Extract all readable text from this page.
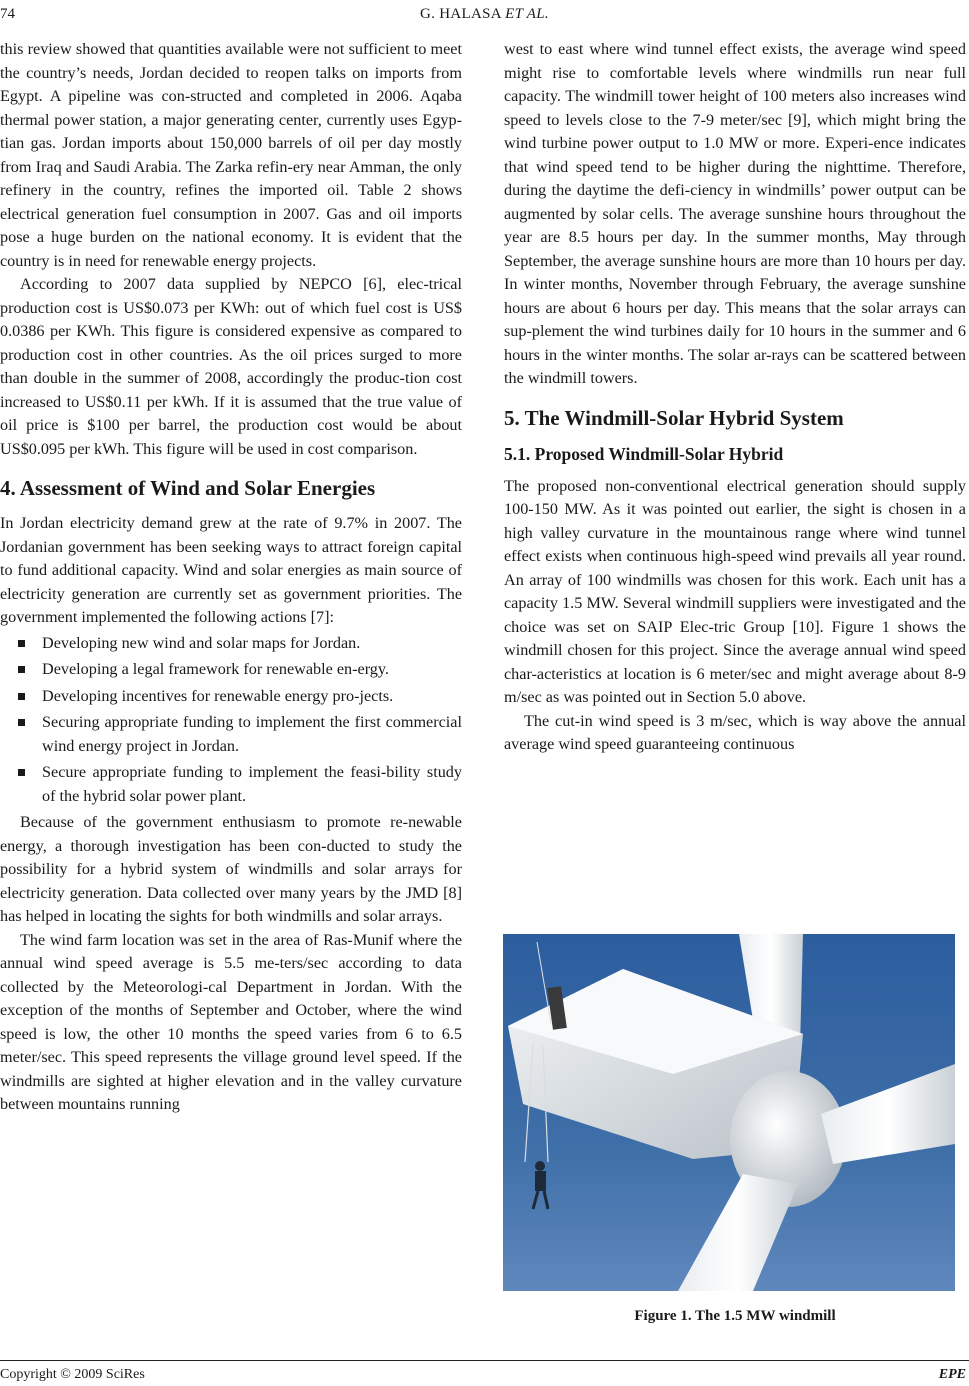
74	G. HALASA ET AL.

this review showed that quantities available were not sufficient to meet the country’s needs, Jordan decided to reopen talks on imports from Egypt. A pipeline was con-structed and completed in 2006. Aqaba thermal power station, a major generating center, currently uses Egyp-tian gas. Jordan imports about 150,000 barrels of oil per day mostly from Iraq and Saudi Arabia. The Zarka refin-ery near Amman, the only refinery in the country, refines the imported oil. Table 2 shows electrical generation fuel consumption in 2007. Gas and oil imports pose a huge burden on the national economy. It is evident that the country is in need for renewable energy projects.

According to 2007 data supplied by NEPCO [6], elec-trical production cost is US$0.073 per KWh: out of which fuel cost is US$ 0.0386 per KWh. This figure is considered expensive as compared to production cost in other countries. As the oil prices surged to more than double in the summer of 2008, accordingly the produc-tion cost increased to US$0.11 per kWh. If it is assumed that the true value of oil price is $100 per barrel, the production cost would be about US$0.095 per kWh. This figure will be used in cost comparison.

4. Assessment of Wind and Solar Energies

In Jordan electricity demand grew at the rate of 9.7% in 2007. The Jordanian government has been seeking ways to attract foreign capital to fund additional capacity. Wind and solar energies as main source of electricity generation are currently set as government priorities. The government implemented the following actions [7]:

Developing new wind and solar maps for Jordan.
Developing a legal framework for renewable en-ergy.
Developing incentives for renewable energy pro-jects.
Securing appropriate funding to implement the first commercial wind energy project in Jordan.
Secure appropriate funding to implement the feasi-bility study of the hybrid solar power plant.

Because of the government enthusiasm to promote re-newable energy, a thorough investigation has been con-ducted to study the possibility for a hybrid system of windmills and solar arrays for electricity generation. Data collected over many years by the JMD [8] has helped in locating the sights for both windmills and solar arrays.

The wind farm location was set in the area of Ras-Munif where the annual wind speed average is 5.5 me-ters/sec according to data collected by the Meteorologi-cal Department in Jordan. With the exception of the months of September and October, where the wind speed is low, the other 10 months the speed varies from 6 to 6.5 meter/sec. This speed represents the village ground level speed. If the windmills are sighted at higher elevation and in the valley curvature between mountains running

west to east where wind tunnel effect exists, the average wind speed might rise to comfortable levels where windmills run near full capacity. The windmill tower height of 100 meters also increases wind speed to levels close to the 7-9 meter/sec [9], which might bring the wind turbine power output to 1.0 MW or more. Experi-ence indicates that wind speed tend to be higher during the nighttime. Therefore, during the daytime the defi-ciency in windmills’ power output can be augmented by solar cells. The average sunshine hours throughout the year are 8.5 hours per day. In the summer months, May through September, the average sunshine hours are more than 10 hours per day. In winter months, November through February, the average sunshine hours are about 6 hours per day. This means that the solar arrays can sup-plement the wind turbines daily for 10 hours in the summer and 6 hours in the winter months. The solar ar-rays can be scattered between the windmill towers.

5. The Windmill-Solar Hybrid System
5.1. Proposed Windmill-Solar Hybrid

The proposed non-conventional electrical generation should supply 100-150 MW. As it was pointed out earlier, the sight is chosen in a high valley curvature in the mountainous range where wind tunnel effect exists when continuous high-speed wind prevails all year round. An array of 100 windmills was chosen for this work. Each unit has a capacity 1.5 MW. Several windmill suppliers were investigated and the choice was set on SAIP Elec-tric Group [10]. Figure 1 shows the windmill chosen for this project. Since the average annual wind speed char-acteristics at location is 6 meter/sec and might average about 8-9 m/sec as was pointed out in Section 5.0 above.

The cut-in wind speed is 3 m/sec, which is way above the annual average wind speed guaranteeing continuous

Figure 1. The 1.5 MW windmill
Copyright © 2009 SciRes	EPE
